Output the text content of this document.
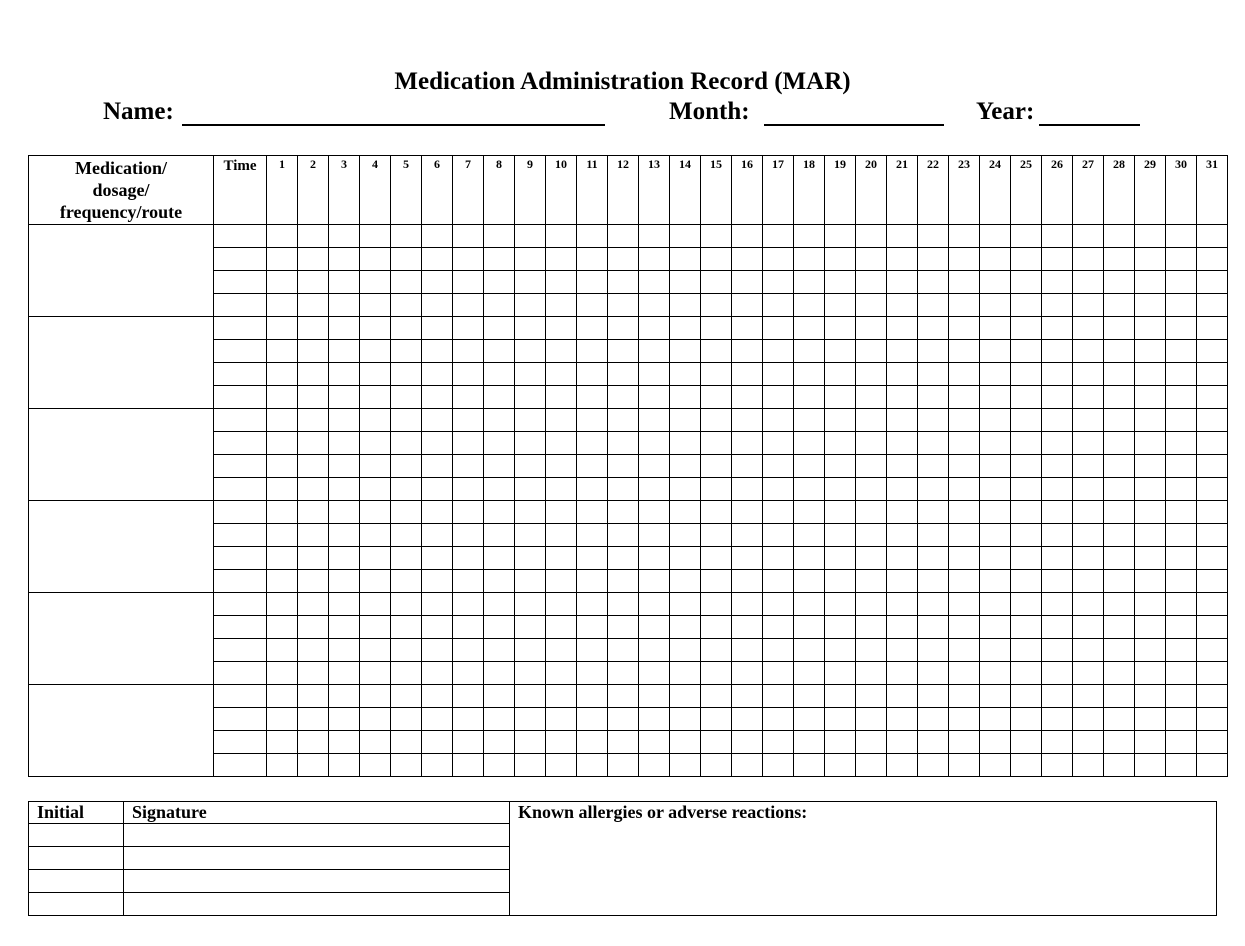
Medication Administration Record (MAR)
Name:	Month:	Year:
Medication/
dosage/
frequency/route	Time	1	2	3	4	5	6	7	8	9	10	11	12	13	14	15	16	17	18	19	20	21	22	23	24	25	26	27	28	29	30	31

Initial	Signature	Known allergies or adverse reactions:
